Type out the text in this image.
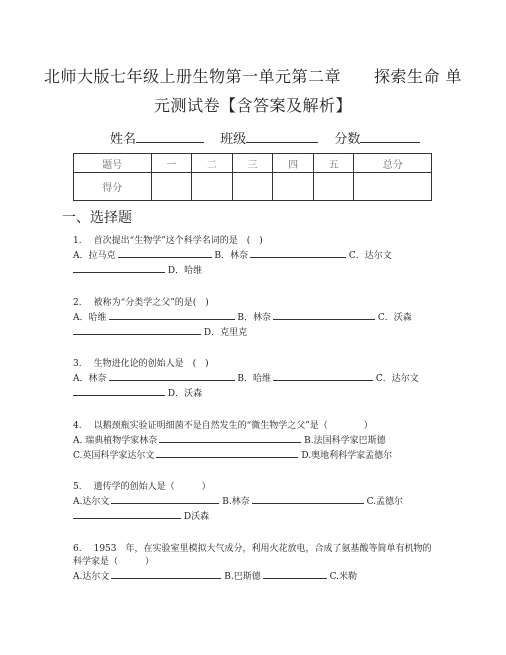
北师大版七年级上册生物第一单元第二章　　探索生命 单
元测试卷【含答案及解析】
姓名	班级	分数
题号	一	二	三	四	五	总分
得分						
一、选择题
1. 首次提出“生物学”这个科学名词的是　(　)
A．拉马克	B．林奈	C．达尔文
D．哈维
2. 被称为“分类学之父”的是(　)
A．哈维	B．林奈	C．沃森
D．克里克
3. 生物进化论的创始人是　(　)
A．林奈	B．哈维	C．达尔文
D．沃森
4. 以鹅颈瓶实验证明细菌不是自然发生的“微生物学之父”是（　　　　）
A. 瑞典植物学家林奈	B.法国科学家巴斯德
C.英国科学家达尔文	D.奥地利科学家孟德尔
5. 遗传学的创始人是（　　　）
A.达尔文	B.林奈	C.孟德尔
D沃森
6. 1953　年，在实验室里模拟大气成分，利用火花放电，合成了氨基酸等简单有机物的
科学家是（　　　）
A.达尔文	B.巴斯德	C.米勒
